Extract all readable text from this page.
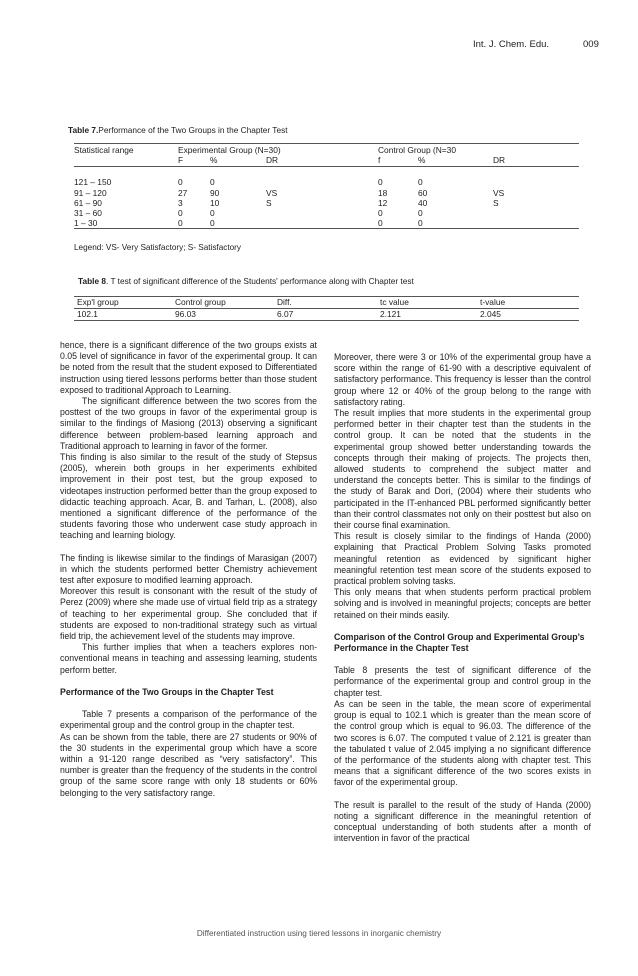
Int. J. Chem. Edu.	009
Table 7.Performance of the Two Groups in the Chapter Test
Statistical range	Experimental Group (N=30)			Control Group (N=30		
	F	%	DR	f	%	DR

121 – 150	0	0		0	0	
91 – 120	27	90	VS	18	60	VS
61 – 90	3	10	S	12	40	S
31 – 60	0	0		0	0	
1 – 30	0	0		0	0	
Legend: VS- Very Satisfactory; S- Satisfactory
Table 8. T test of significant difference of the Students' performance along with Chapter test
Exp'l group	Control group	Diff.	tc value	t-value
102.1	96.03	6.07	2.121	2.045

hence, there is a significant difference of the two groups exists at 0.05 level of significance in favor of the experimental group. It can be noted from the result that the student exposed to Differentiated instruction using tiered lessons performs better than those student exposed to traditional Approach to Learning.

The significant difference between the two scores from the posttest of the two groups in favor of the experimental group is similar to the findings of Masiong (2013) observing a significant difference between problem-based learning approach and Traditional approach to learning in favor of the former.

This finding is also similar to the result of the study of Stepsus (2005), wherein both groups in her experiments exhibited improvement in their post test, but the group exposed to videotapes instruction performed better than the group exposed to didactic teaching approach. Acar, B. and Tarhan, L. (2008), also mentioned a significant difference of the performance of the students favoring those who underwent case study approach in teaching and learning biology.

The finding is likewise similar to the findings of Marasigan (2007) in which the students performed better Chemistry achievement test after exposure to modified learning approach.

Moreover this result is consonant with the result of the study of Perez (2009) where she made use of virtual field trip as a strategy of teaching to her experimental group. She concluded that if students are exposed to non-traditional strategy such as virtual field trip, the achievement level of the students may improve.

This further implies that when a teachers explores non-conventional means in teaching and assessing learning, students perform better.

Performance of the Two Groups in the Chapter Test

Table 7 presents a comparison of the performance of the experimental group and the control group in the chapter test.

As can be shown from the table, there are 27 students or 90% of the 30 students in the experimental group which have a score within a 91-120 range described as “very satisfactory”. This number is greater than the frequency of the students in the control group of the same score range with only 18 students or 60% belonging to the very satisfactory range.

Moreover, there were 3 or 10% of the experimental group have a score within the range of 61-90 with a descriptive equivalent of satisfactory performance. This frequency is lesser than the control group where 12 or 40% of the group belong to the range with satisfactory rating.

The result implies that more students in the experimental group performed better in their chapter test than the students in the control group. It can be noted that the students in the experimental group showed better understanding towards the concepts through their making of projects. The projects then, allowed students to comprehend the subject matter and understand the concepts better. This is similar to the findings of the study of Barak and Dori, (2004) where their students who participated in the IT-enhanced PBL performed significantly better than their control classmates not only on their posttest but also on their course final examination.

This result is closely similar to the findings of Handa (2000) explaining that Practical Problem Solving Tasks promoted meaningful retention as evidenced by significant higher meaningful retention test mean score of the students exposed to practical problem solving tasks.

This only means that when students perform practical problem solving and is involved in meaningful projects; concepts are better retained on their minds easily.

Comparison of the Control Group and Experimental Group’s Performance in the Chapter Test

Table 8 presents the test of significant difference of the performance of the experimental group and control group in the chapter test.

As can be seen in the table, the mean score of experimental group is equal to 102.1 which is greater than the mean score of the control group which is equal to 96.03. The difference of the two scores is 6.07. The computed t value of 2.121 is greater than the tabulated t value of 2.045 implying a no significant difference of the performance of the students along with chapter test. This means that a significant difference of the two scores exists in favor of the experimental group.

The result is parallel to the result of the study of Handa (2000) noting a significant difference in the meaningful retention of conceptual understanding of both students after a month of intervention in favor of the practical

Differentiated instruction using tiered lessons in inorganic chemistry
